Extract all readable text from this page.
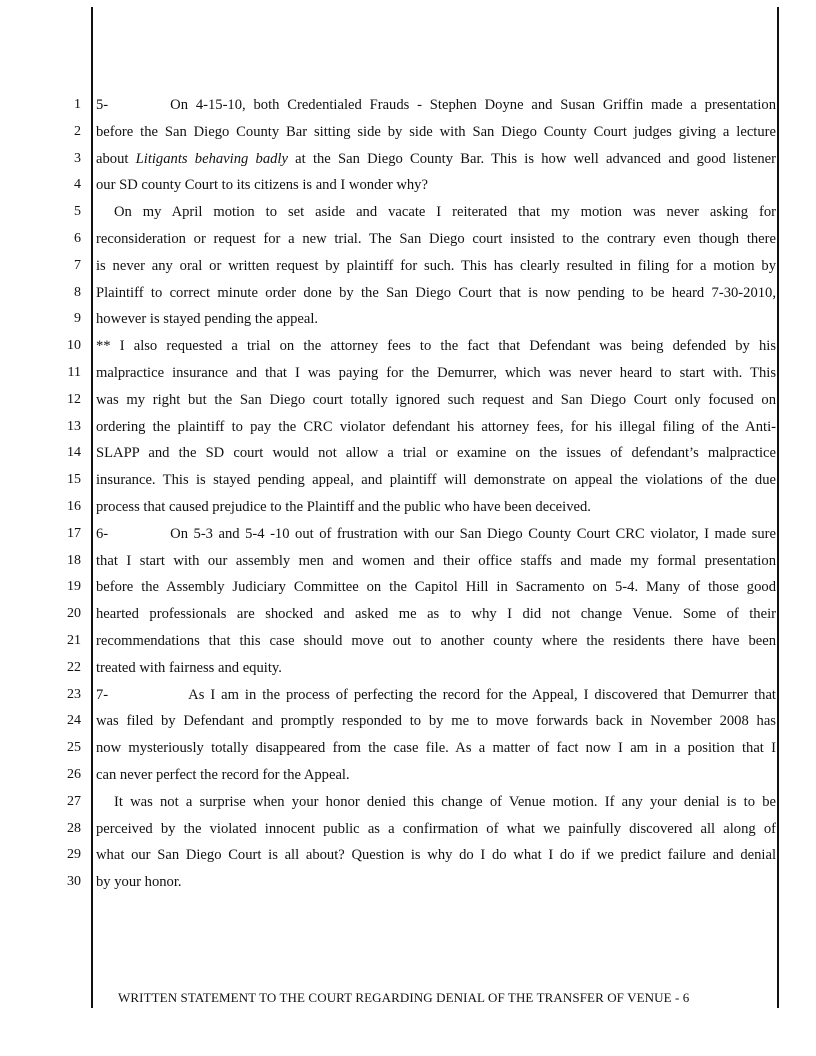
1
2
3
4
5
6
7
8
9
10
11
12
13
14
15
16
17
18
19
20
21
22
23
24
25
26
27
28
29
30
5-	On 4-15-10, both Credentialed Frauds - Stephen Doyne and Susan Griffin made a presentation
before the San Diego County Bar sitting side by side with San Diego County Court judges giving a lecture
about Litigants behaving badly at the San Diego County Bar. This is how well advanced and good listener
our SD county Court to its citizens is and I wonder why?
On my April motion to set aside and vacate I reiterated that my motion was never asking for
reconsideration or request for a new trial. The San Diego court insisted to the contrary even though there
is never any oral or written request by plaintiff for such. This has clearly resulted in filing for a motion by
Plaintiff to correct minute order done by the San Diego Court that is now pending to be heard 7-30-2010,
however is stayed pending the appeal.
** I also requested a trial on the attorney fees to the fact that Defendant was being defended by his
malpractice insurance and that I was paying for the Demurrer, which was never heard to start with. This
was my right but the San Diego court totally ignored such request and San Diego Court only focused on
ordering the plaintiff to pay the CRC violator defendant his attorney fees, for his illegal filing of the Anti-
SLAPP and the SD court would not allow a trial or examine on the issues of defendant’s malpractice
insurance. This is stayed pending appeal, and plaintiff will demonstrate on appeal the violations of the due
process that caused prejudice to the Plaintiff and the public who have been deceived.
6-	On 5-3 and 5-4 -10 out of frustration with our San Diego County Court CRC violator, I made sure
that I start with our assembly men and women and their office staffs and made my formal presentation
before the Assembly Judiciary Committee on the Capitol Hill in Sacramento on 5-4. Many of those good
hearted professionals are shocked and asked me as to why I did not change Venue. Some of their
recommendations that this case should move out to another county where the residents there have been
treated with fairness and equity.
7-	As I am in the process of perfecting the record for the Appeal, I discovered that Demurrer that
was filed by Defendant and promptly responded to by me to move forwards back in November 2008 has
now mysteriously totally disappeared from the case file. As a matter of fact now I am in a position that I
can never perfect the record for the Appeal.
It was not a surprise when your honor denied this change of Venue motion. If any your denial is to be
perceived by the violated innocent public as a confirmation of what we painfully discovered all along of
what our San Diego Court is all about? Question is why do I do what I do if we predict failure and denial
by your honor.
WRITTEN STATEMENT TO THE COURT REGARDING DENIAL OF THE TRANSFER OF VENUE - 6
